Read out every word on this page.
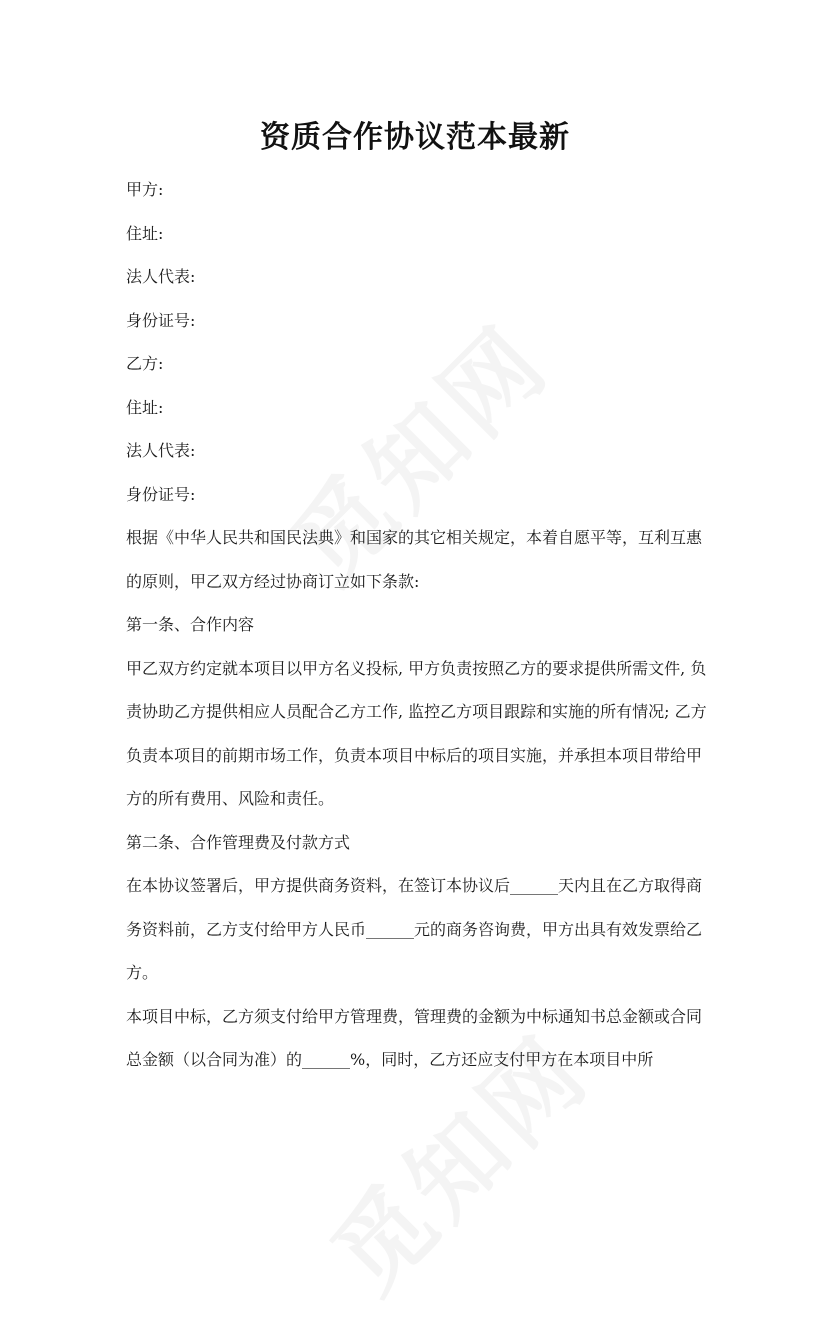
资质合作协议范本最新

甲方:

住址:

法人代表:

身份证号:

乙方:

住址:

法人代表:

身份证号:

根据《中华人民共和国民法典》和国家的其它相关规定，本着自愿平等，互利互惠的原则，甲乙双方经过协商订立如下条款:

第一条、合作内容

甲乙双方约定就本项目以甲方名义投标, 甲方负责按照乙方的要求提供所需文件, 负责协助乙方提供相应人员配合乙方工作, 监控乙方项目跟踪和实施的所有情况; 乙方负责本项目的前期市场工作，负责本项目中标后的项目实施，并承担本项目带给甲方的所有费用、风险和责任。

第二条、合作管理费及付款方式

在本协议签署后，甲方提供商务资料，在签订本协议后______天内且在乙方取得商务资料前，乙方支付给甲方人民币______元的商务咨询费，甲方出具有效发票给乙方。

本项目中标，乙方须支付给甲方管理费，管理费的金额为中标通知书总金额或合同总金额（以合同为准）的______%，同时，乙方还应支付甲方在本项目中所
